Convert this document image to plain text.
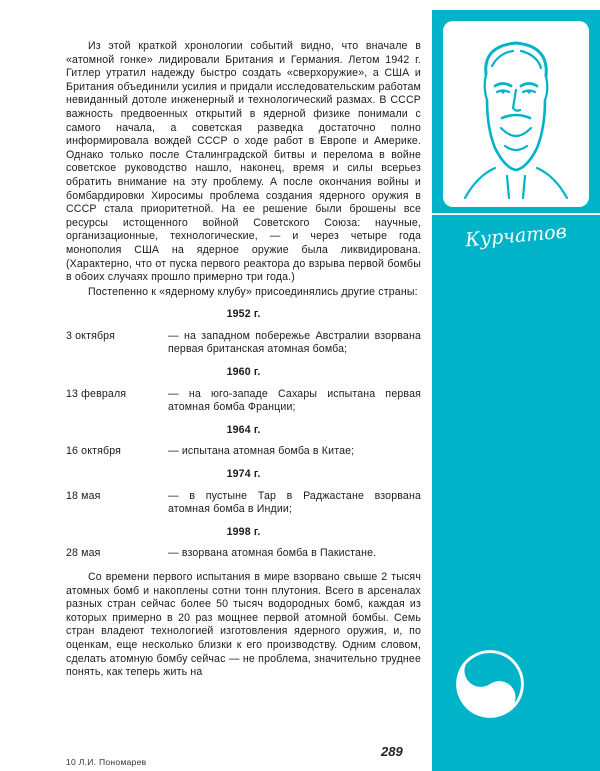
Из этой краткой хронологии событий видно, что вначале в «атомной гонке» лидировали Британия и Германия. Летом 1942 г. Гитлер утратил надежду быстро создать «сверхоружие», а США и Британия объединили усилия и придали исследовательским работам невиданный дотоле инженерный и технологический размах. В СССР важность предвоенных открытий в ядерной физике понимали с самого начала, а советская разведка достаточно полно информировала вождей СССР о ходе работ в Европе и Америке. Однако только после Сталинградской битвы и перелома в войне советское руководство нашло, наконец, время и силы всерьез обратить внимание на эту проблему. А после окончания войны и бомбардировки Хиросимы проблема создания ядерного оружия в СССР стала приоритетной. На ее решение были брошены все ресурсы истощенного войной Советского Союза: научные, организационные, технологические, — и через четыре года монополия США на ядерное оружие была ликвидирована. (Характерно, что от пуска первого реактора до взрыва первой бомбы в обоих случаях прошло примерно три года.)

Постепенно к «ядерному клубу» присоединялись другие страны:

1952 г.
3 октября	— на западном побережье Австралии взорвана первая британская атомная бомба;
1960 г.
13 февраля	— на юго-западе Сахары испытана первая атомная бомба Франции;
1964 г.
16 октября	— испытана атомная бомба в Китае;
1974 г.
18 мая	— в пустыне Тар в Раджастане взорвана атомная бомба в Индии;
1998 г.
28 мая	— взорвана атомная бомба в Пакистане.

Со времени первого испытания в мире взорвано свыше 2 тысяч атомных бомб и накоплены сотни тонн плутония. Всего в арсеналах разных стран сейчас более 50 тысяч водородных бомб, каждая из которых примерно в 20 раз мощнее первой атомной бомбы. Семь стран владеют технологией изготовления ядерного оружия, и, по оценкам, еще несколько близки к его производству. Одним словом, сделать атомную бомбу сейчас — не проблема, значительно труднее понять, как теперь жить на

289
10 Л.И. Пономарев
Курчатов
